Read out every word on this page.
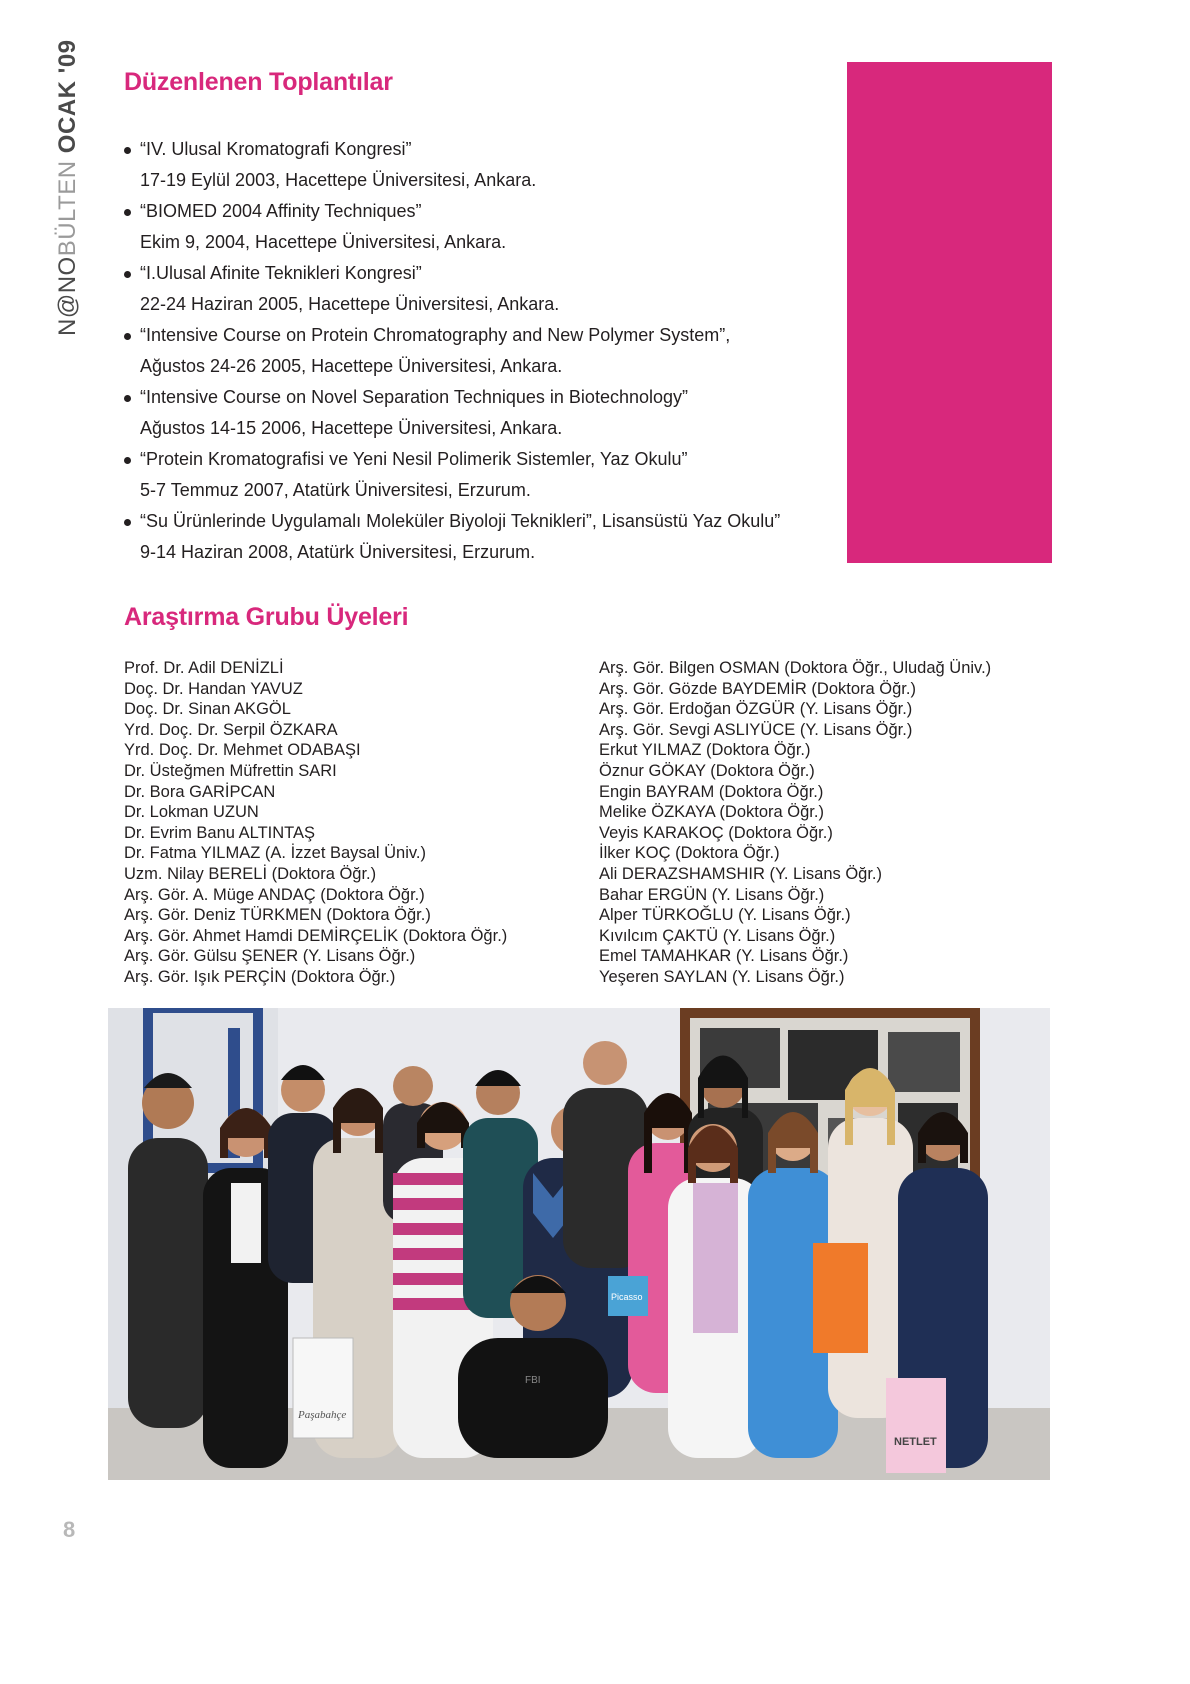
N@NOBÜLTEN OCAK '09 Düzenlenen Toplantılar
“IV. Ulusal Kromatografi Kongresi”
17-19 Eylül 2003, Hacettepe Üniversitesi, Ankara.
“BIOMED 2004 Affinity Techniques”
Ekim 9, 2004, Hacettepe Üniversitesi, Ankara.
“I.Ulusal Afinite Teknikleri Kongresi”
22-24 Haziran 2005, Hacettepe Üniversitesi, Ankara.
“Intensive Course on Protein Chromatography and New Polymer System”,
Ağustos 24-26 2005, Hacettepe Üniversitesi, Ankara.
“Intensive Course on Novel Separation Techniques in Biotechnology”
Ağustos 14-15 2006, Hacettepe Üniversitesi, Ankara.
“Protein Kromatografisi ve Yeni Nesil Polimerik Sistemler, Yaz Okulu”
5-7 Temmuz 2007, Atatürk Üniversitesi, Erzurum.
“Su Ürünlerinde Uygulamalı Moleküler Biyoloji Teknikleri”, Lisansüstü Yaz Okulu”
9-14 Haziran 2008, Atatürk Üniversitesi, Erzurum.
Araştırma Grubu Üyeleri
Prof. Dr. Adil DENİZLİ
Doç. Dr. Handan YAVUZ
Doç. Dr. Sinan AKGÖL
Yrd. Doç. Dr. Serpil ÖZKARA
Yrd. Doç. Dr. Mehmet ODABAŞI
Dr. Üsteğmen Müfrettin SARI
Dr. Bora GARİPCAN
Dr. Lokman UZUN
Dr. Evrim Banu ALTINTAŞ
Dr. Fatma YILMAZ (A. İzzet Baysal Üniv.)
Uzm. Nilay BERELİ (Doktora Öğr.)
Arş. Gör. A. Müge ANDAÇ (Doktora Öğr.)
Arş. Gör. Deniz TÜRKMEN (Doktora Öğr.)
Arş. Gör. Ahmet Hamdi DEMİRÇELİK (Doktora Öğr.)
Arş. Gör. Gülsu ŞENER (Y. Lisans Öğr.)
Arş. Gör. Işık PERÇİN (Doktora Öğr.)
Arş. Gör. Bilgen OSMAN (Doktora Öğr., Uludağ Üniv.)
Arş. Gör. Gözde BAYDEMİR (Doktora Öğr.)
Arş. Gör. Erdoğan ÖZGÜR (Y. Lisans Öğr.)
Arş. Gör. Sevgi ASLIYÜCE (Y. Lisans Öğr.)
Erkut YILMAZ (Doktora Öğr.)
Öznur GÖKAY (Doktora Öğr.)
Engin BAYRAM (Doktora Öğr.)
Melike ÖZKAYA (Doktora Öğr.)
Veyis KARAKOÇ (Doktora Öğr.)
İlker KOÇ (Doktora Öğr.)
Ali DERAZSHAMSHIR (Y. Lisans Öğr.)
Bahar ERGÜN (Y. Lisans Öğr.)
Alper TÜRKOĞLU (Y. Lisans Öğr.)
Kıvılcım ÇAKTÜ (Y. Lisans Öğr.)
Emel TAMAHKAR (Y. Lisans Öğr.)
Yeşeren SAYLAN (Y. Lisans Öğr.)
Paşabahçe
NETLET
Picasso
FBI
8
